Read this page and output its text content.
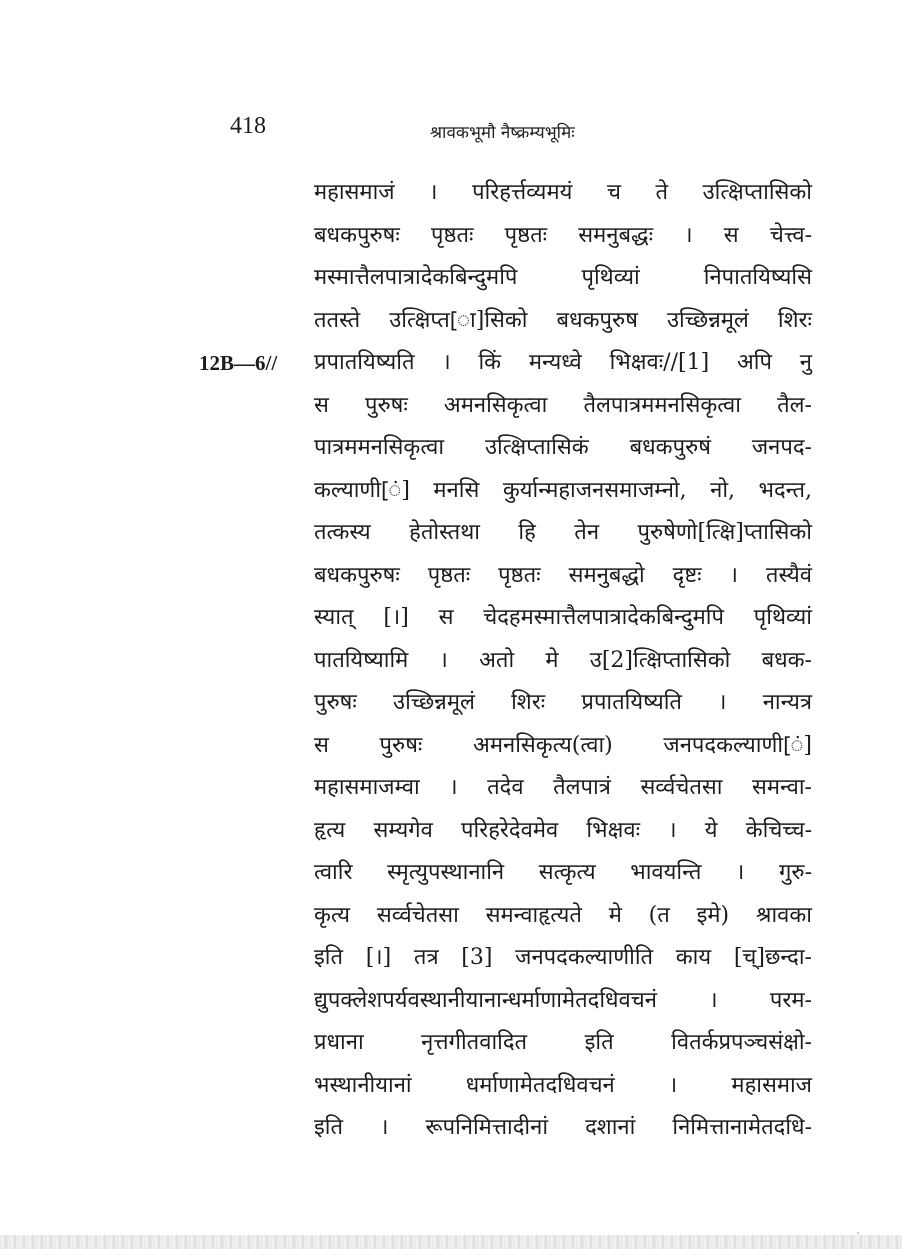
418	श्रावकभूमौ नैष्क्रम्यभूमिः
12B—6//
महासमाजं । परिहर्त्तव्यमयं च ते उत्क्षिप्तासिको
बधकपुरुषः पृष्ठतः पृष्ठतः समनुबद्धः । स चेत्त्व-
मस्मात्तैलपात्रादेकबिन्दुमपि पृथिव्यां निपातयिष्यसि
ततस्ते उत्क्षिप्त[ा]सिको बधकपुरुष उच्छिन्नमूलं शिरः
प्रपातयिष्यति । किं मन्यध्वे भिक्षवः//[1] अपि नु
स पुरुषः अमनसिकृत्वा तैलपात्रममनसिकृत्वा तैल-
पात्रममनसिकृत्वा उत्क्षिप्तासिकं बधकपुरुषं जनपद-
कल्याणी[ं] मनसि कुर्यान्महाजनसमाजम्नो, नो, भदन्त,
तत्कस्य हेतोस्तथा हि तेन पुरुषेणो[त्क्षि]प्तासिको
बधकपुरुषः पृष्ठतः पृष्ठतः समनुबद्धो दृष्टः । तस्यैवं
स्यात् [।] स चेदहमस्मात्तैलपात्रादेकबिन्दुमपि पृथिव्यां
पातयिष्यामि । अतो मे उ[2]त्क्षिप्तासिको बधक-
पुरुषः उच्छिन्नमूलं शिरः प्रपातयिष्यति । नान्यत्र
स पुरुषः अमनसिकृत्य(त्वा) जनपदकल्याणी[ं]
महासमाजम्वा । तदेव तैलपात्रं सर्व्वचेतसा समन्वा-
हृत्य सम्यगेव परिहरेदेवमेव भिक्षवः । ये केचिच्च-
त्वारि स्मृत्युपस्थानानि सत्कृत्य भावयन्ति । गुरु-
कृत्य सर्व्वचेतसा समन्वाहृत्यते मे (त इमे) श्रावका
इति [।] तत्र [3] जनपदकल्याणीति काय [च्]छन्दा-
द्युपक्लेशपर्यवस्थानीयानान्धर्माणामेतदधिवचनं । परम-
प्रधाना नृत्तगीतवादित इति वितर्कप्रपञ्चसंक्षो-
भस्थानीयानां धर्माणामेतदधिवचनं । महासमाज
इति । रूपनिमित्तादीनां दशानां निमित्तानामेतदधि-
